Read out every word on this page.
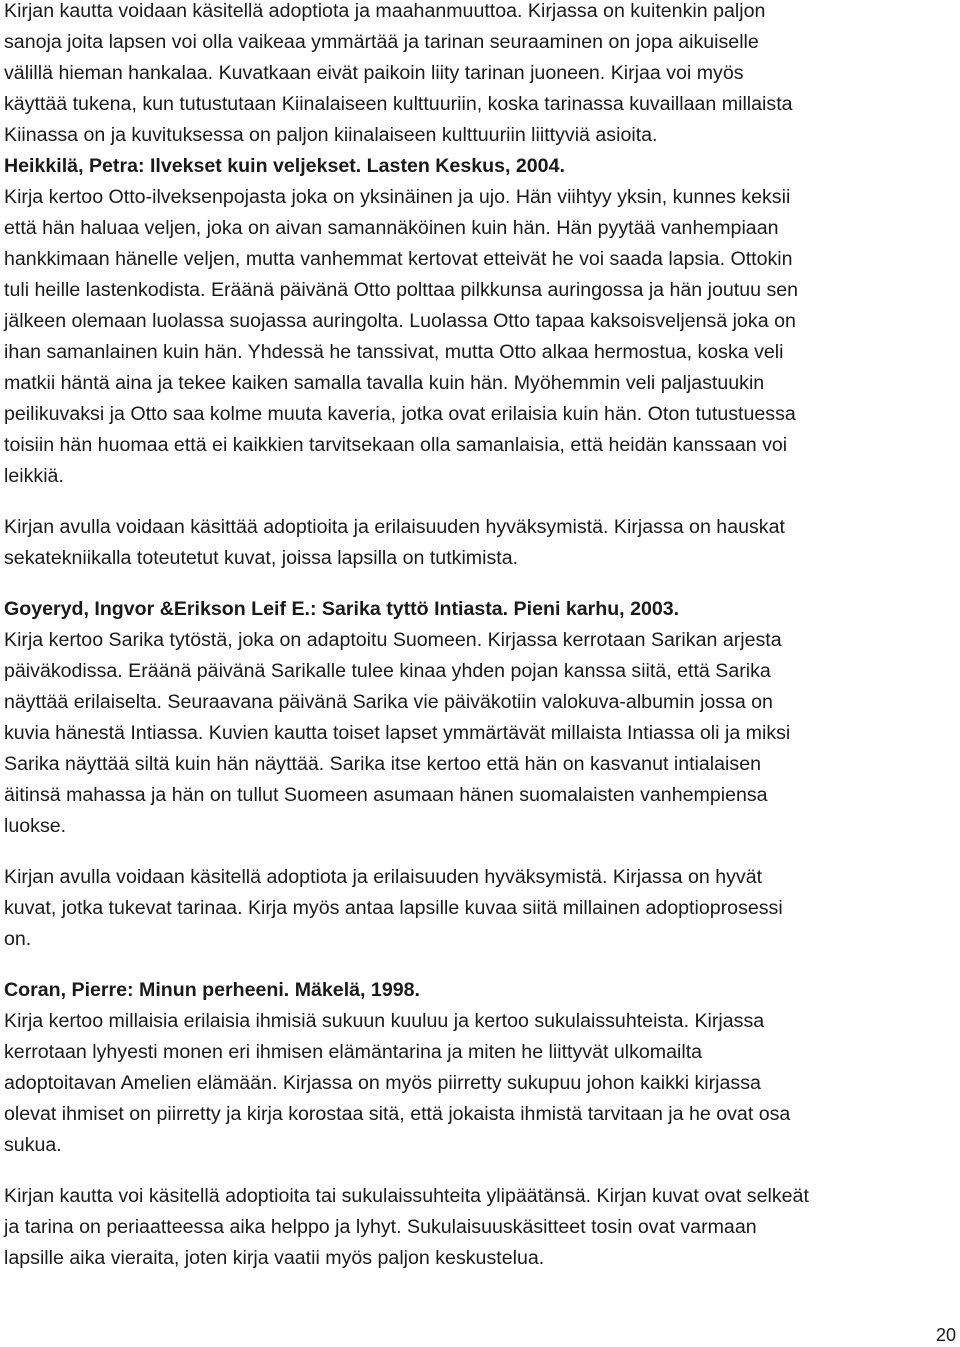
Kirjan kautta voidaan käsitellä adoptiota ja maahanmuuttoa. Kirjassa on kuitenkin paljon
sanoja joita lapsen voi olla vaikeaa ymmärtää ja tarinan seuraaminen on jopa aikuiselle
välillä hieman hankalaa. Kuvatkaan eivät paikoin liity tarinan juoneen. Kirjaa voi myös
käyttää tukena, kun tutustutaan Kiinalaiseen kulttuuriin, koska tarinassa kuvaillaan millaista
Kiinassa on ja kuvituksessa on paljon kiinalaiseen kulttuuriin liittyviä asioita.
Heikkilä, Petra: Ilvekset kuin veljekset. Lasten Keskus, 2004.
Kirja kertoo Otto-ilveksenpojasta joka on yksinäinen ja ujo. Hän viihtyy yksin, kunnes keksii
että hän haluaa veljen, joka on aivan samannäköinen kuin hän. Hän pyytää vanhempiaan
hankkimaan hänelle veljen, mutta vanhemmat kertovat etteivät he voi saada lapsia. Ottokin
tuli heille lastenkodista. Eräänä päivänä Otto polttaa pilkkunsa auringossa ja hän joutuu sen
jälkeen olemaan luolassa suojassa auringolta. Luolassa Otto tapaa kaksoisveljensä joka on
ihan samanlainen kuin hän. Yhdessä he tanssivat, mutta Otto alkaa hermostua, koska veli
matkii häntä aina ja tekee kaiken samalla tavalla kuin hän. Myöhemmin veli paljastuukin
peilikuvaksi ja Otto saa kolme muuta kaveria, jotka ovat erilaisia kuin hän. Oton tutustuessa
toisiin hän huomaa että ei kaikkien tarvitsekaan olla samanlaisia, että heidän kanssaan voi
leikkiä.
Kirjan avulla voidaan käsittää adoptioita ja erilaisuuden hyväksymistä. Kirjassa on hauskat
sekatekniikalla toteutetut kuvat, joissa lapsilla on tutkimista.
Goyeryd, Ingvor &Erikson Leif E.: Sarika tyttö Intiasta. Pieni karhu, 2003.
Kirja kertoo Sarika tytöstä, joka on adaptoitu Suomeen. Kirjassa kerrotaan Sarikan arjesta
päiväkodissa. Eräänä päivänä Sarikalle tulee kinaa yhden pojan kanssa siitä, että Sarika
näyttää erilaiselta. Seuraavana päivänä Sarika vie päiväkotiin valokuva-albumin jossa on
kuvia hänestä Intiassa. Kuvien kautta toiset lapset ymmärtävät millaista Intiassa oli ja miksi
Sarika näyttää siltä kuin hän näyttää. Sarika itse kertoo että hän on kasvanut intialaisen
äitinsä mahassa ja hän on tullut Suomeen asumaan hänen suomalaisten vanhempiensa
luokse.
Kirjan avulla voidaan käsitellä adoptiota ja erilaisuuden hyväksymistä. Kirjassa on hyvät
kuvat, jotka tukevat tarinaa. Kirja myös antaa lapsille kuvaa siitä millainen adoptioprosessi
on.
Coran, Pierre: Minun perheeni. Mäkelä, 1998.
Kirja kertoo millaisia erilaisia ihmisiä sukuun kuuluu ja kertoo sukulaissuhteista. Kirjassa
kerrotaan lyhyesti monen eri ihmisen elämäntarina ja miten he liittyvät ulkomailta
adoptoitavan Amelien elämään. Kirjassa on myös piirretty sukupuu johon kaikki kirjassa
olevat ihmiset on piirretty ja kirja korostaa sitä, että jokaista ihmistä tarvitaan ja he ovat osa
sukua.
Kirjan kautta voi käsitellä adoptioita tai sukulaissuhteita ylipäätänsä. Kirjan kuvat ovat selkeät
ja tarina on periaatteessa aika helppo ja lyhyt. Sukulaisuuskäsitteet tosin ovat varmaan
lapsille aika vieraita, joten kirja vaatii myös paljon keskustelua.
20
